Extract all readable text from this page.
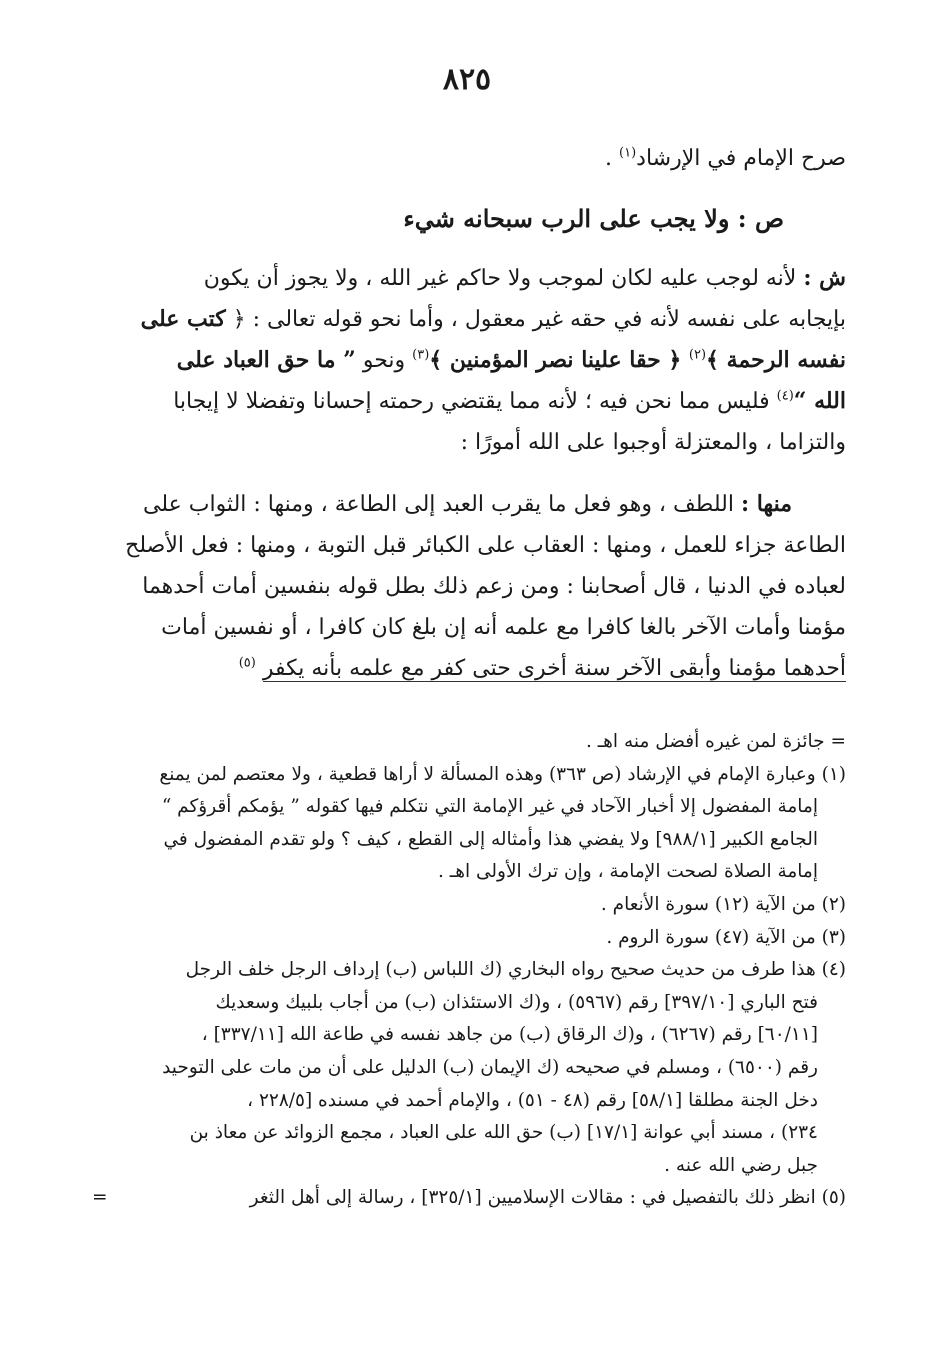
٨٢٥
صرح الإمام في الإرشاد$^{(١)}$ .
ص : ولا يجب على الرب سبحانه شيء
ش : لأنه لوجب عليه لكان لموجب ولا حاكم غير الله ، ولا يجوز أن يكون
بإيجابه على نفسه لأنه في حقه غير معقول ، وأما نحو قوله تعالى : ﴿ كتب على
نفسه الرحمة ﴾$^{(٢)}$ ﴿ حقا علينا نصر المؤمنين ﴾$^{(٣)}$ ونحو ” ما حق العباد على
الله “$^{(٤)}$ فليس مما نحن فيه ؛ لأنه مما يقتضي رحمته إحسانا وتفضلا لا إيجابا
والتزاما ، والمعتزلة أوجبوا على الله أمورًا :
منها : اللطف ، وهو فعل ما يقرب العبد إلى الطاعة ، ومنها : الثواب على
الطاعة جزاء للعمل ، ومنها : العقاب على الكبائر قبل التوبة ، ومنها : فعل الأصلح
لعباده في الدنيا ، قال أصحابنا : ومن زعم ذلك بطل قوله بنفسين أمات أحدهما
مؤمنا وأمات الآخر بالغا كافرا مع علمه أنه إن بلغ كان كافرا ، أو نفسين أمات
أحدهما مؤمنا وأبقى الآخر سنة أخرى حتى كفر مع علمه بأنه يكفر $^{(٥)}$
= جائزة لمن غيره أفضل منه اهـ .
(١) وعبارة الإمام في الإرشاد (ص ٣٦٣) وهذه المسألة لا أراها قطعية ، ولا معتصم لمن يمنع
إمامة المفضول إلا أخبار الآحاد في غير الإمامة التي نتكلم فيها كقوله ” يؤمكم أقرؤكم “
الجامع الكبير [٩٨٨/١] ولا يفضي هذا وأمثاله إلى القطع ، كيف ؟ ولو تقدم المفضول في
إمامة الصلاة لصحت الإمامة ، وإن ترك الأولى اهـ .
(٢) من الآية (١٢) سورة الأنعام .
(٣) من الآية (٤٧) سورة الروم .
(٤) هذا طرف من حديث صحيح رواه البخاري (ك اللباس (ب) إرداف الرجل خلف الرجل
فتح الباري [٣٩٧/١٠] رقم (٥٩٦٧) ، و(ك الاستئذان (ب) من أجاب بلبيك وسعديك
[٦٠/١١] رقم (٦٢٦٧) ، و(ك الرقاق (ب) من جاهد نفسه في طاعة الله [٣٣٧/١١] ،
رقم (٦٥٠٠) ، ومسلم في صحيحه (ك الإيمان (ب) الدليل على أن من مات على التوحيد
دخل الجنة مطلقا [٥٨/١] رقم (٤٨ - ٥١) ، والإمام أحمد في مسنده [٢٢٨/٥ ،
٢٣٤) ، مسند أبي عوانة [١٧/١] (ب) حق الله على العباد ، مجمع الزوائد عن معاذ بن
جبل رضي الله عنه .
(٥) انظر ذلك بالتفصيل في : مقالات الإسلاميين [٣٢٥/١] ، رسالة إلى أهل الثغر
=
